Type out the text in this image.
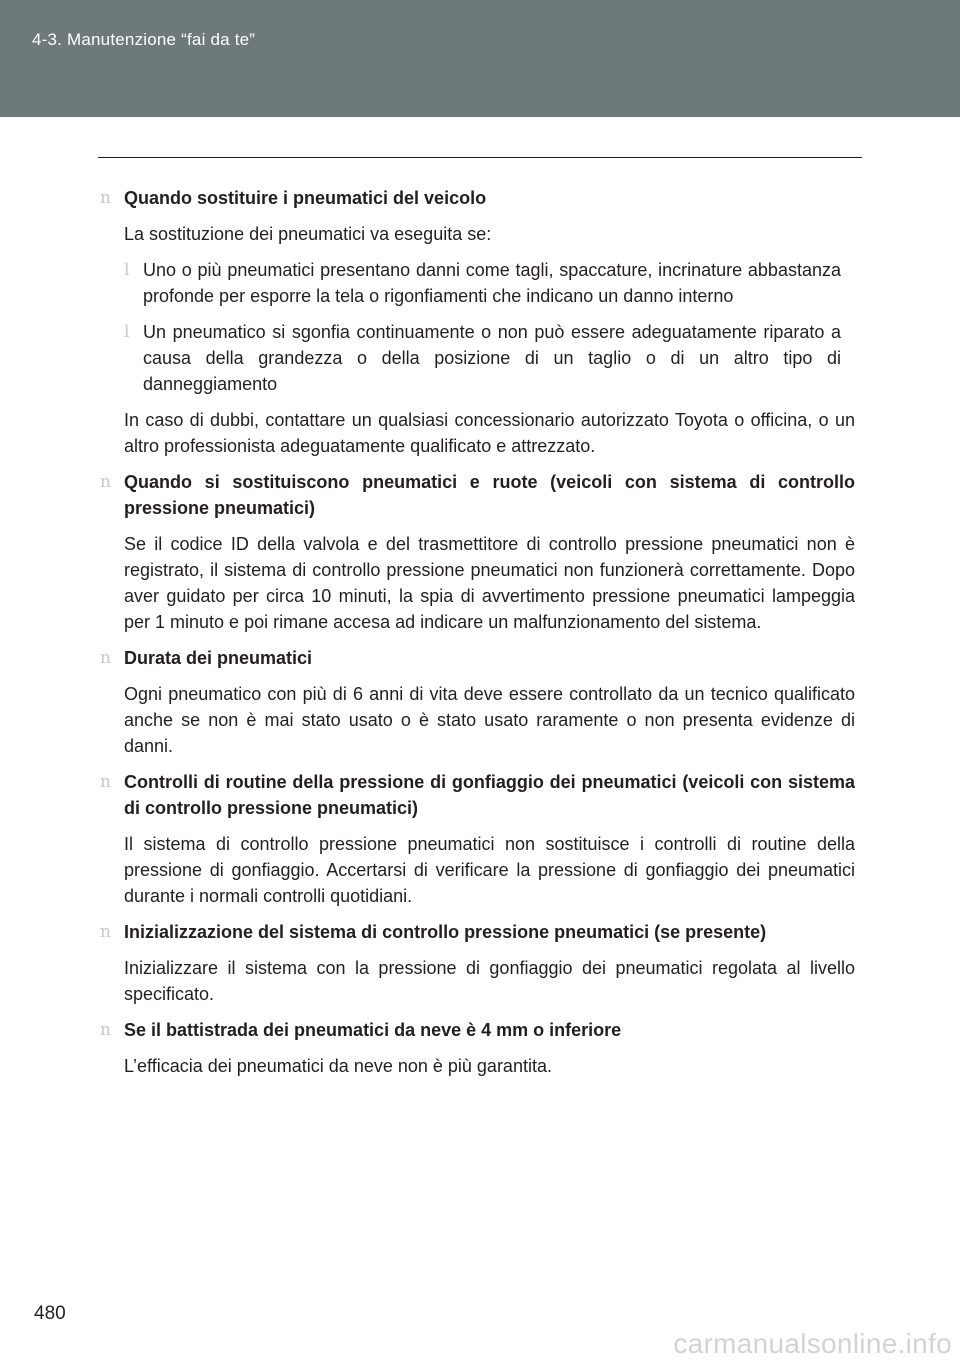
4-3. Manutenzione “fai da te”
n Quando sostituire i pneumatici del veicolo
La sostituzione dei pneumatici va eseguita se:
l Uno o più pneumatici presentano danni come tagli, spaccature, incrinature abbastanza profonde per esporre la tela o rigonfiamenti che indicano un danno interno
l Un pneumatico si sgonfia continuamente o non può essere adeguatamente riparato a causa della grandezza o della posizione di un taglio o di un altro tipo di danneggiamento
In caso di dubbi, contattare un qualsiasi concessionario autorizzato Toyota o officina, o un altro professionista adeguatamente qualificato e attrezzato.
n Quando si sostituiscono pneumatici e ruote (veicoli con sistema di controllo pressione pneumatici)
Se il codice ID della valvola e del trasmettitore di controllo pressione pneumatici non è registrato, il sistema di controllo pressione pneumatici non funzionerà correttamente. Dopo aver guidato per circa 10 minuti, la spia di avvertimento pressione pneumatici lampeggia per 1 minuto e poi rimane accesa ad indicare un malfunzionamento del sistema.
n Durata dei pneumatici
Ogni pneumatico con più di 6 anni di vita deve essere controllato da un tecnico qualificato anche se non è mai stato usato o è stato usato raramente o non presenta evidenze di danni.
n Controlli di routine della pressione di gonfiaggio dei pneumatici (veicoli con sistema di controllo pressione pneumatici)
Il sistema di controllo pressione pneumatici non sostituisce i controlli di routine della pressione di gonfiaggio. Accertarsi di verificare la pressione di gonfiaggio dei pneumatici durante i normali controlli quotidiani.
n Inizializzazione del sistema di controllo pressione pneumatici (se presente)
Inizializzare il sistema con la pressione di gonfiaggio dei pneumatici regolata al livello specificato.
n Se il battistrada dei pneumatici da neve è 4 mm o inferiore
L’efficacia dei pneumatici da neve non è più garantita.
480
carmanualsonline.info
